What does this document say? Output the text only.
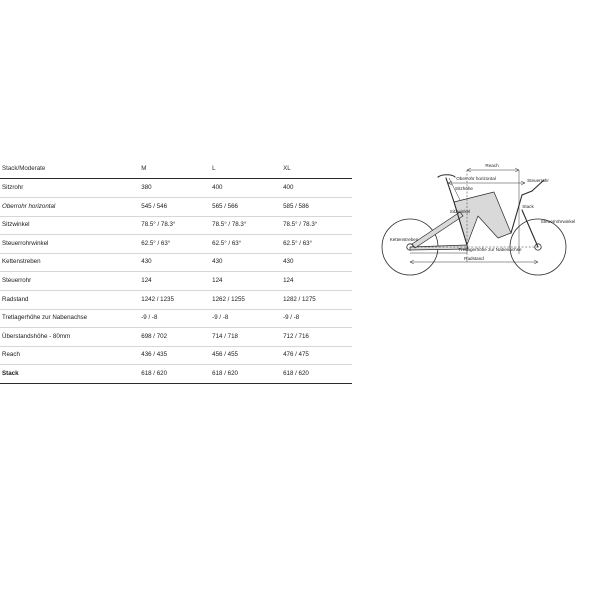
Stack/Moderate	M	L	XL
Sitzrohr	380	400	400
Oberrohr horizontal	545 / 546	565 / 566	585 / 586
Sitzwinkel	78.5° / 78.3°	78.5° / 78.3°	78.5° / 78.3°
Steuerrohrwinkel	62.5° / 63°	62.5° / 63°	62.5° / 63°
Kettenstreben	430	430	430
Steuerrohr	124	124	124
Radstand	1242 / 1235	1262 / 1255	1282 / 1275
Tretlagerhöhe zur Nabenachse	-9 / -8	-9 / -8	-9 / -8
Überstandshöhe - 80mm	698 / 702	714 / 718	712 / 716
Reach	436 / 435	456 / 455	476 / 475
Stack	618 / 620	618 / 620	618 / 620
Reach
Oberrohr horizontal	Steuerrohr
Sitzhöhe
Stack
Sitzwinkel
Steuerrohrwinkel
Kettenstreben
Tretlagerhöhe zur Nabenachse
Radstand
